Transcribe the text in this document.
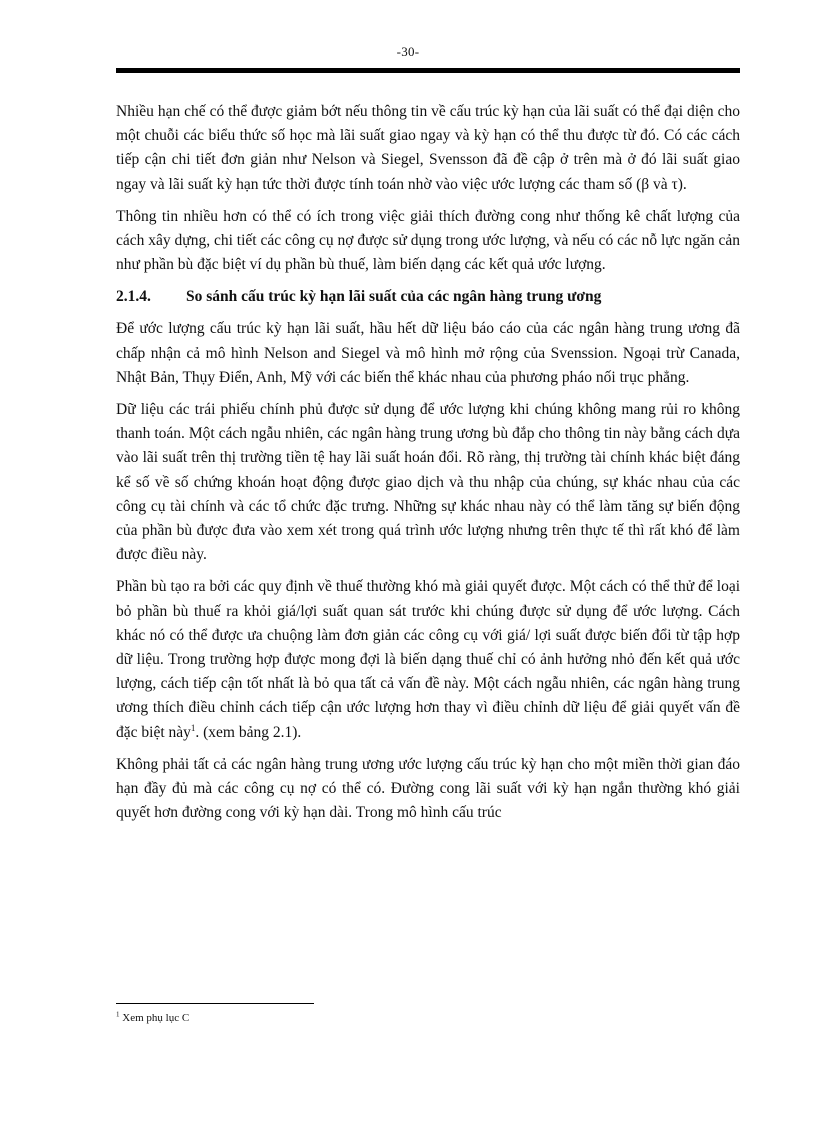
-30-

Nhiều hạn chế có thể được giảm bớt nếu thông tin về cấu trúc kỳ hạn của lãi suất có thể đại diện cho một chuỗi các biểu thức số học mà lãi suất giao ngay và kỳ hạn có thể thu được từ đó. Có các cách tiếp cận chi tiết đơn giản như Nelson và Siegel, Svensson đã đề cập ở trên mà ở đó lãi suất giao ngay và lãi suất kỳ hạn tức thời được tính toán nhờ vào việc ước lượng các tham số (β và τ).

Thông tin nhiều hơn có thể có ích trong việc giải thích đường cong như thống kê chất lượng của cách xây dựng, chi tiết các công cụ nợ được sử dụng trong ước lượng, và nếu có các nỗ lực ngăn cản như phần bù đặc biệt ví dụ phần bù thuế, làm biến dạng các kết quả ước lượng.

2.1.4.	So sánh cấu trúc kỳ hạn lãi suất của các ngân hàng trung ương

Để ước lượng cấu trúc kỳ hạn lãi suất, hầu hết dữ liệu báo cáo của các ngân hàng trung ương đã chấp nhận cả mô hình Nelson and Siegel và mô hình mở rộng của Svenssion. Ngoại trừ Canada, Nhật Bản, Thụy Điển, Anh, Mỹ với các biến thể khác nhau của phương pháo nối trục phẳng.

Dữ liệu các trái phiếu chính phủ được sử dụng để ước lượng khi chúng không mang rủi ro không thanh toán. Một cách ngẫu nhiên, các ngân hàng trung ương bù đắp cho thông tin này bằng cách dựa vào lãi suất trên thị trường tiền tệ hay lãi suất hoán đổi. Rõ ràng, thị trường tài chính khác biệt đáng kể số về số chứng khoán hoạt động được giao dịch và thu nhập của chúng, sự khác nhau của các công cụ tài chính và các tổ chức đặc trưng. Những sự khác nhau này có thể làm tăng sự biến động của phần bù được đưa vào xem xét trong quá trình ước lượng nhưng trên thực tế thì rất khó để làm được điều này.

Phần bù tạo ra bởi các quy định về thuế thường khó mà giải quyết được. Một cách có thể thử để loại bỏ phần bù thuế ra khỏi giá/lợi suất quan sát trước khi chúng được sử dụng để ước lượng. Cách khác nó có thể được ưa chuộng làm đơn giản các công cụ với giá/ lợi suất được biến đổi từ tập hợp dữ liệu. Trong trường hợp được mong đợi là biến dạng thuế chỉ có ảnh hưởng nhỏ đến kết quả ước lượng, cách tiếp cận tốt nhất là bỏ qua tất cả vấn đề này. Một cách ngẫu nhiên, các ngân hàng trung ương thích điều chỉnh cách tiếp cận ước lượng hơn thay vì điều chỉnh dữ liệu để giải quyết vấn đề đặc biệt này$^1$. (xem bảng 2.1).

Không phải tất cả các ngân hàng trung ương ước lượng cấu trúc kỳ hạn cho một miền thời gian đáo hạn đầy đủ mà các công cụ nợ có thể có. Đường cong lãi suất với kỳ hạn ngắn thường khó giải quyết hơn đường cong với kỳ hạn dài. Trong mô hình cấu trúc

$^1$ Xem phụ lục C
